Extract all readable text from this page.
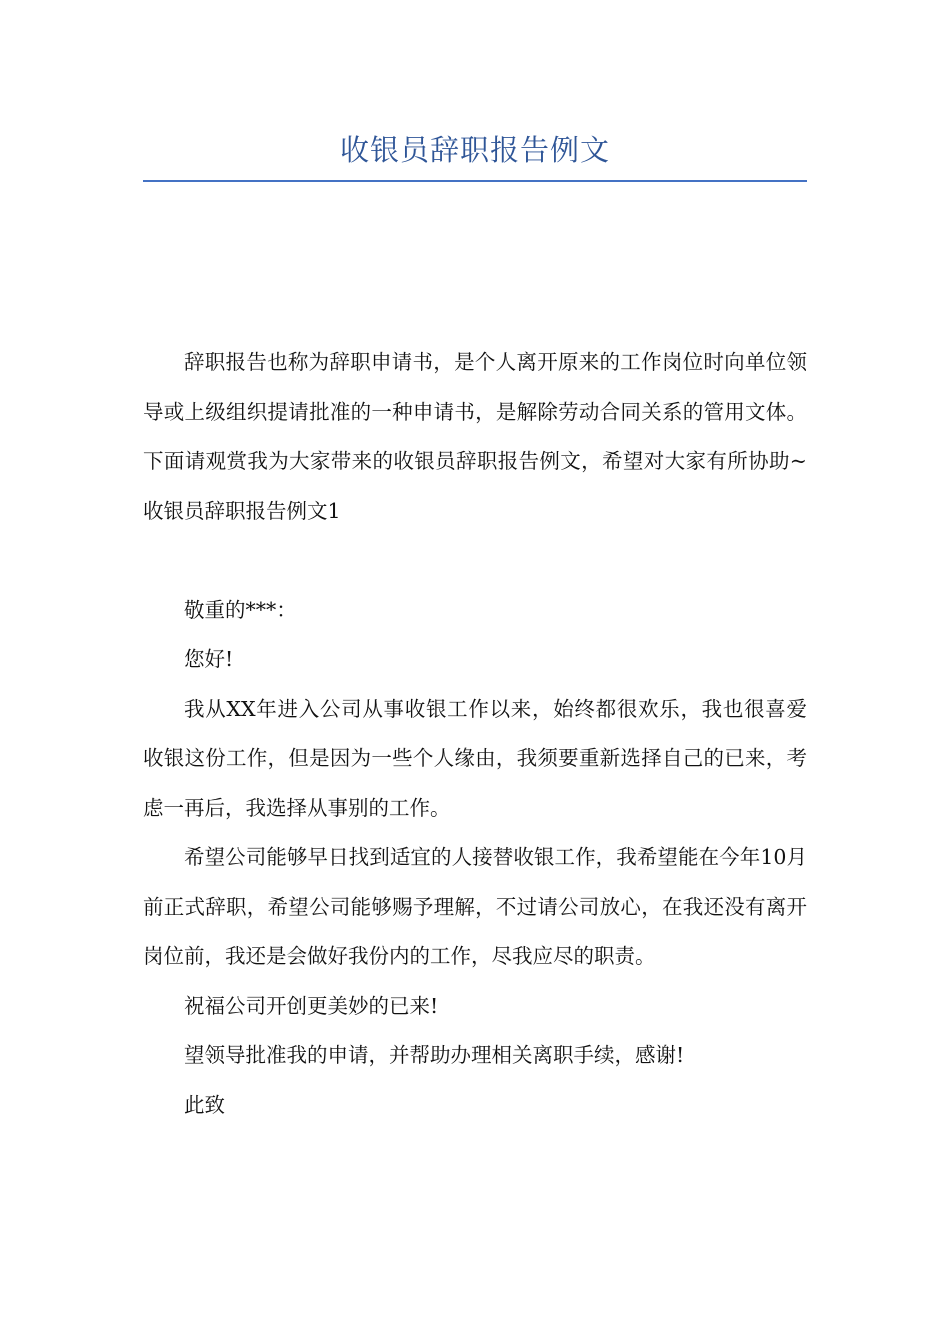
收银员辞职报告例文

辞职报告也称为辞职申请书，是个人离开原来的工作岗位时向单位领导或上级组织提请批准的一种申请书，是解除劳动合同关系的管用文体。下面请观赏我为大家带来的收银员辞职报告例文，希望对大家有所协助~收银员辞职报告例文1

敬重的***：

您好!

我从XX年进入公司从事收银工作以来，始终都很欢乐，我也很喜爱收银这份工作，但是因为一些个人缘由，我须要重新选择自己的已来，考虑一再后，我选择从事别的工作。

希望公司能够早日找到适宜的人接替收银工作，我希望能在今年10月前正式辞职，希望公司能够赐予理解，不过请公司放心，在我还没有离开岗位前，我还是会做好我份内的工作，尽我应尽的职责。

祝福公司开创更美妙的已来!

望领导批准我的申请，并帮助办理相关离职手续，感谢!

此致
